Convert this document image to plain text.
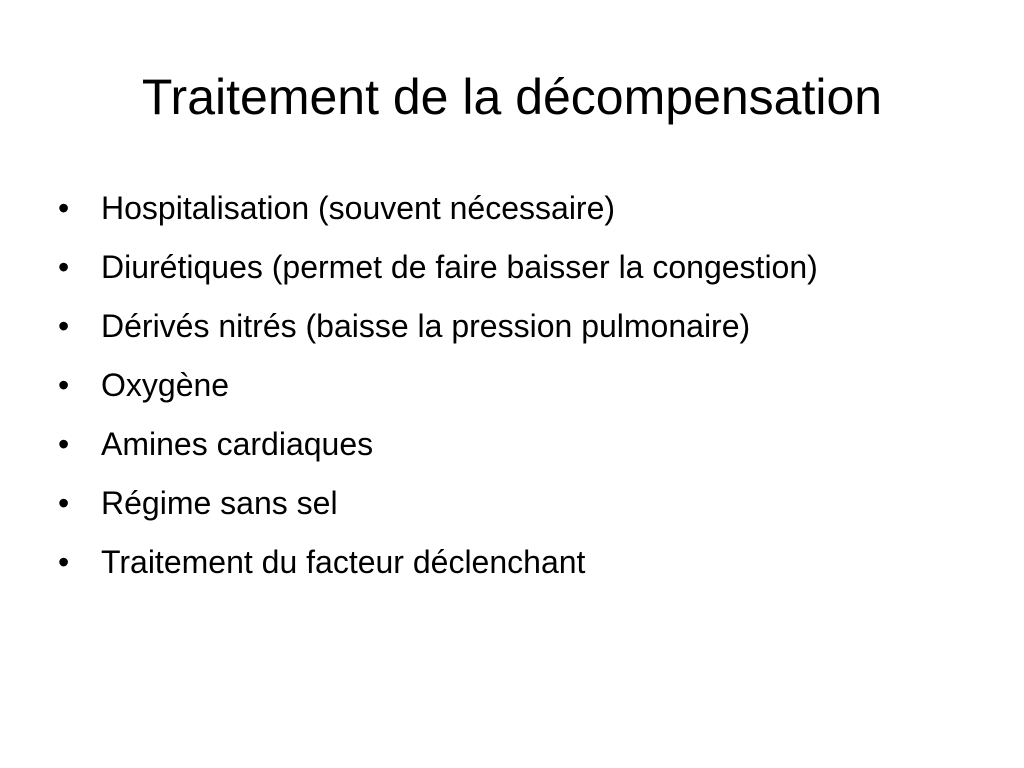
Traitement de la décompensation
• Hospitalisation (souvent nécessaire)
• Diurétiques (permet de faire baisser la congestion)
• Dérivés nitrés (baisse la pression pulmonaire)
• Oxygène
• Amines cardiaques
• Régime sans sel
• Traitement du facteur déclenchant
